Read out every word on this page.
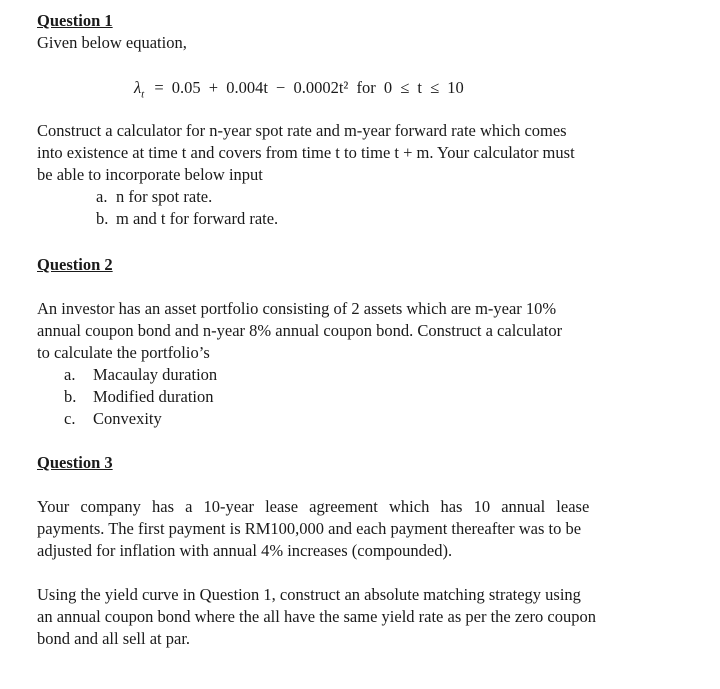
Question 1
Given below equation,
$\lambda_t = 0.05 + 0.004t - 0.0002t^2$ for 0 ≤ t ≤ 10
Construct a calculator for n-year spot rate and m-year forward rate which comes
into existence at time t and covers from time t to time t + m. Your calculator must
be able to incorporate below input
a. n for spot rate.
b. m and t for forward rate.
Question 2
An investor has an asset portfolio consisting of 2 assets which are m-year 10%
annual coupon bond and n-year 8% annual coupon bond. Construct a calculator
to calculate the portfolio’s
a. Macaulay duration
b. Modified duration
c. Convexity
Question 3
Your company has a 10-year lease agreement which has 10 annual lease
payments. The first payment is RM100,000 and each payment thereafter was to be
adjusted for inflation with annual 4% increases (compounded).
Using the yield curve in Question 1, construct an absolute matching strategy using
an annual coupon bond where the all have the same yield rate as per the zero coupon
bond and all sell at par.
